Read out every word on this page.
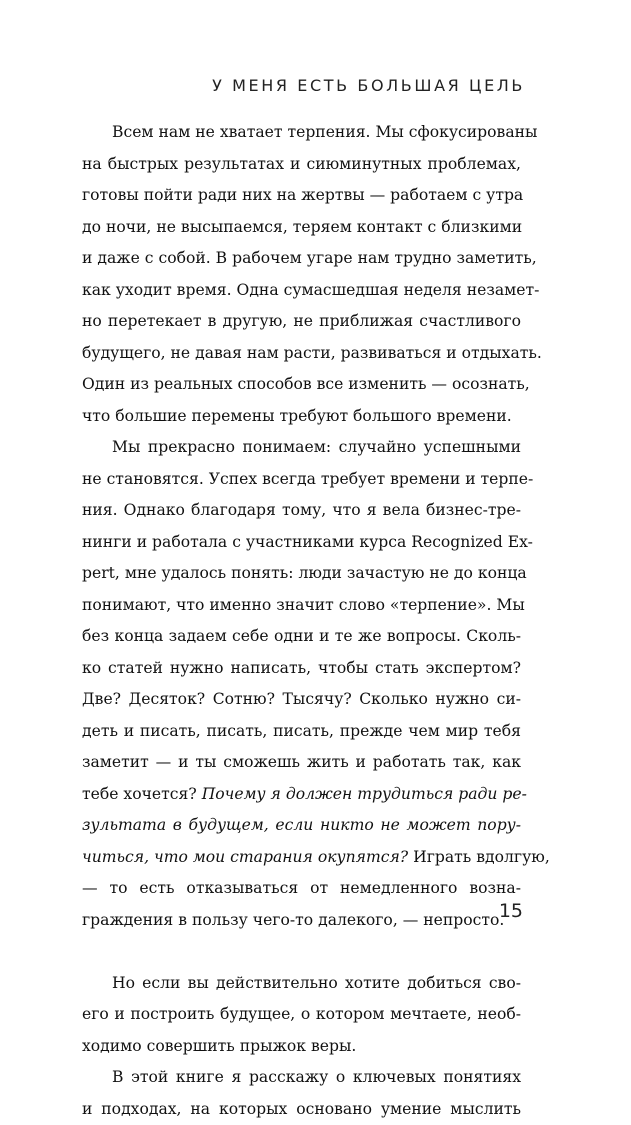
У МЕНЯ ЕСТЬ БОЛЬШАЯ ЦЕЛЬ
Всем нам не хватает терпения. Мы сфокусированы
на быстрых результатах и сиюминутных проблемах,
готовы пойти ради них на жертвы — работаем с утра
до ночи, не высыпаемся, теряем контакт с близкими
и даже с собой. В рабочем угаре нам трудно заметить,
как уходит время. Одна сумасшедшая неделя незамет-
но перетекает в другую, не приближая счастливого
будущего, не давая нам расти, развиваться и отдыхать.
Один из реальных способов все изменить — осознать,
что большие перемены требуют большого времени.
Мы прекрасно понимаем: случайно успешными
не становятся. Успех всегда требует времени и терпе-
ния. Однако благодаря тому, что я вела бизнес-тре-
нинги и работала с участниками курса Recognized Ex-
pert, мне удалось понять: люди зачастую не до конца
понимают, что именно значит слово «терпение». Мы
без конца задаем себе одни и те же вопросы. Сколь-
ко статей нужно написать, чтобы стать экспертом?
Две? Десяток? Сотню? Тысячу? Сколько нужно си-
деть и писать, писать, писать, прежде чем мир тебя
заметит — и ты сможешь жить и работать так, как
тебе хочется? Почему я должен трудиться ради ре-
зультата в будущем, если никто не может пору-
читься, что мои старания окупятся? Играть вдолгую,
— то есть отказываться от немедленного возна-
граждения в пользу чего-то далекого, — непросто.
Но если вы действительно хотите добиться сво-
его и построить будущее, о котором мечтаете, необ-
ходимо совершить прыжок веры.
В этой книге я расскажу о ключевых понятиях
и подходах, на которых основано умение мыслить
15
